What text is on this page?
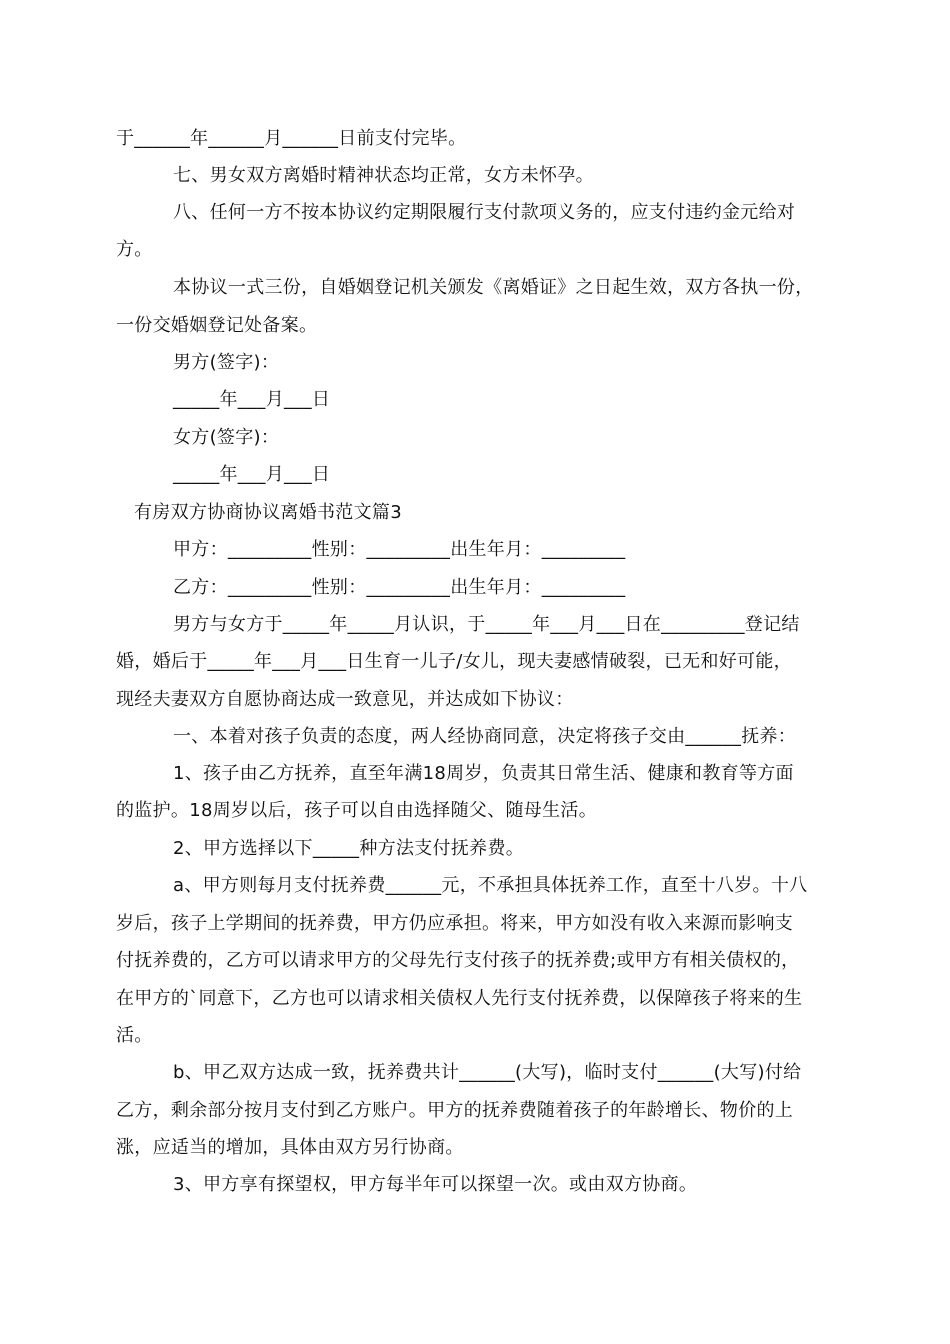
于______年______月______日前支付完毕。
七、男女双方离婚时精神状态均正常，女方未怀孕。
八、任何一方不按本协议约定期限履行支付款项义务的，应支付违约金元给对
方。
本协议一式三份，自婚姻登记机关颁发《离婚证》之日起生效，双方各执一份，
一份交婚姻登记处备案。
男方(签字)：
_____年___月___日
女方(签字)：
_____年___月___日
有房双方协商协议离婚书范文篇3
甲方：_________性别：_________出生年月：_________
乙方：_________性别：_________出生年月：_________
男方与女方于_____年_____月认识，于_____年___月___日在_________登记结
婚，婚后于_____年___月___日生育一儿子/女儿，现夫妻感情破裂，已无和好可能，
现经夫妻双方自愿协商达成一致意见，并达成如下协议：
一、本着对孩子负责的态度，两人经协商同意，决定将孩子交由______抚养：
1、孩子由乙方抚养，直至年满18周岁，负责其日常生活、健康和教育等方面
的监护。18周岁以后，孩子可以自由选择随父、随母生活。
2、甲方选择以下_____种方法支付抚养费。
a、甲方则每月支付抚养费______元，不承担具体抚养工作，直至十八岁。十八
岁后，孩子上学期间的抚养费，甲方仍应承担。将来，甲方如没有收入来源而影响支
付抚养费的，乙方可以请求甲方的父母先行支付孩子的抚养费;或甲方有相关债权的，
在甲方的`同意下，乙方也可以请求相关债权人先行支付抚养费，以保障孩子将来的生
活。
b、甲乙双方达成一致，抚养费共计______(大写)，临时支付______(大写)付给
乙方，剩余部分按月支付到乙方账户。甲方的抚养费随着孩子的年龄增长、物价的上
涨，应适当的增加，具体由双方另行协商。
3、甲方享有探望权，甲方每半年可以探望一次。或由双方协商。
